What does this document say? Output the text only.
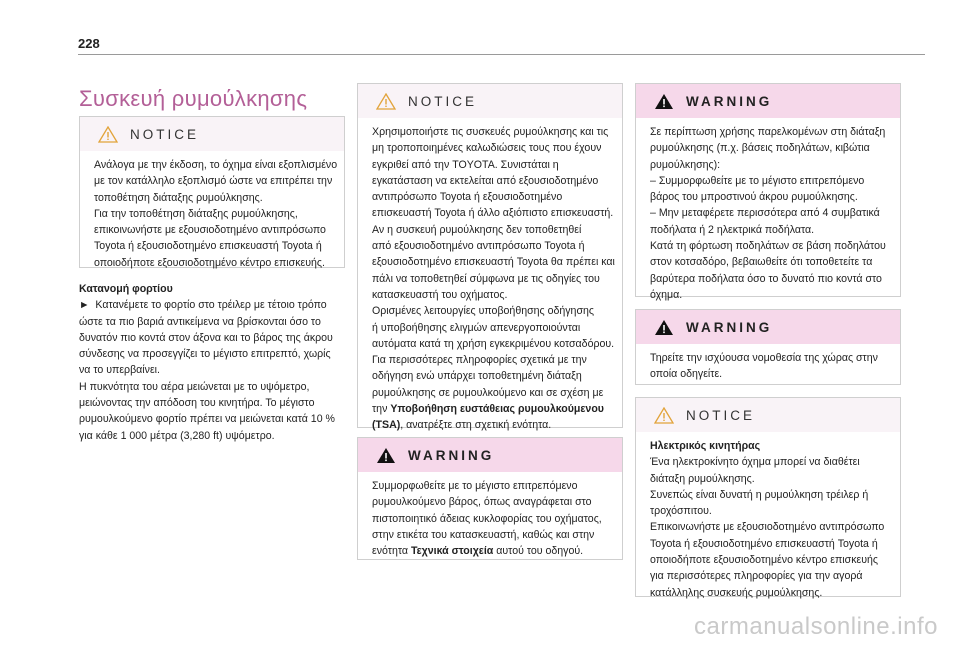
228
Συσκευή ρυμούλκησης
NOTICE
Ανάλογα με την έκδοση, το όχημα είναι εξοπλισμένο
με τον κατάλληλο εξοπλισμό ώστε να επιτρέπει την
τοποθέτηση διάταξης ρυμούλκησης.
Για την τοποθέτηση διάταξης ρυμούλκησης,
επικοινωνήστε με εξουσιοδοτημένο αντιπρόσωπο
Toyota ή εξουσιοδοτημένο επισκευαστή Toyota ή
οποιοδήποτε εξουσιοδοτημένο κέντρο επισκευής.
Κατανομή φορτίου
► Κατανέμετε το φορτίο στο τρέιλερ με τέτοιο τρόπο
ώστε τα πιο βαριά αντικείμενα να βρίσκονται όσο το
δυνατόν πιο κοντά στον άξονα και το βάρος της άκρου
σύνδεσης να προσεγγίζει το μέγιστο επιτρεπτό, χωρίς
να το υπερβαίνει.
Η πυκνότητα του αέρα μειώνεται με το υψόμετρο,
μειώνοντας την απόδοση του κινητήρα. Το μέγιστο
ρυμουλκούμενο φορτίο πρέπει να μειώνεται κατά 10 %
για κάθε 1 000 μέτρα (3,280 ft) υψόμετρο.
NOTICE
Χρησιμοποιήστε τις συσκευές ρυμούλκησης και τις
μη τροποποιημένες καλωδιώσεις τους που έχουν
εγκριθεί από την TOYOTA. Συνιστάται η
εγκατάσταση να εκτελείται από εξουσιοδοτημένο
αντιπρόσωπο Toyota ή εξουσιοδοτημένο
επισκευαστή Toyota ή άλλο αξιόπιστο επισκευαστή.
Αν η συσκευή ρυμούλκησης δεν τοποθετηθεί
από εξουσιοδοτημένο αντιπρόσωπο Toyota ή
εξουσιοδοτημένο επισκευαστή Toyota θα πρέπει και
πάλι να τοποθετηθεί σύμφωνα με τις οδηγίες του
κατασκευαστή του οχήματος.
Ορισμένες λειτουργίες υποβοήθησης οδήγησης
ή υποβοήθησης ελιγμών απενεργοποιούνται
αυτόματα κατά τη χρήση εγκεκριμένου κοτσαδόρου.
Για περισσότερες πληροφορίες σχετικά με την
οδήγηση ενώ υπάρχει τοποθετημένη διάταξη
ρυμούλκησης σε ρυμουλκούμενο και σε σχέση με
την Υποβοήθηση ευστάθειας ρυμουλκούμενου
(TSA), ανατρέξτε στη σχετική ενότητα.
WARNING
Συμμορφωθείτε με το μέγιστο επιτρεπόμενο
ρυμουλκούμενο βάρος, όπως αναγράφεται στο
πιστοποιητικό άδειας κυκλοφορίας του οχήματος,
στην ετικέτα του κατασκευαστή, καθώς και στην
ενότητα Τεχνικά στοιχεία αυτού του οδηγού.
WARNING
Σε περίπτωση χρήσης παρελκομένων στη διάταξη
ρυμούλκησης (π.χ. βάσεις ποδηλάτων, κιβώτια
ρυμούλκησης):
– Συμμορφωθείτε με το μέγιστο επιτρεπόμενο
βάρος του μπροστινού άκρου ρυμούλκησης.
– Μην μεταφέρετε περισσότερα από 4 συμβατικά
ποδήλατα ή 2 ηλεκτρικά ποδήλατα.
Κατά τη φόρτωση ποδηλάτων σε βάση ποδηλάτου
στον κοτσαδόρο, βεβαιωθείτε ότι τοποθετείτε τα
βαρύτερα ποδήλατα όσο το δυνατό πιο κοντά στο
όχημα.
WARNING
Τηρείτε την ισχύουσα νομοθεσία της χώρας στην
οποία οδηγείτε.
NOTICE
Ηλεκτρικός κινητήρας
Ένα ηλεκτροκίνητο όχημα μπορεί να διαθέτει
διάταξη ρυμούλκησης.
Συνεπώς είναι δυνατή η ρυμούλκηση τρέιλερ ή
τροχόσπιτου.
Επικοινωνήστε με εξουσιοδοτημένο αντιπρόσωπο
Toyota ή εξουσιοδοτημένο επισκευαστή Toyota ή
οποιοδήποτε εξουσιοδοτημένο κέντρο επισκευής
για περισσότερες πληροφορίες για την αγορά
κατάλληλης συσκευής ρυμούλκησης.
carmanualsonline.info
